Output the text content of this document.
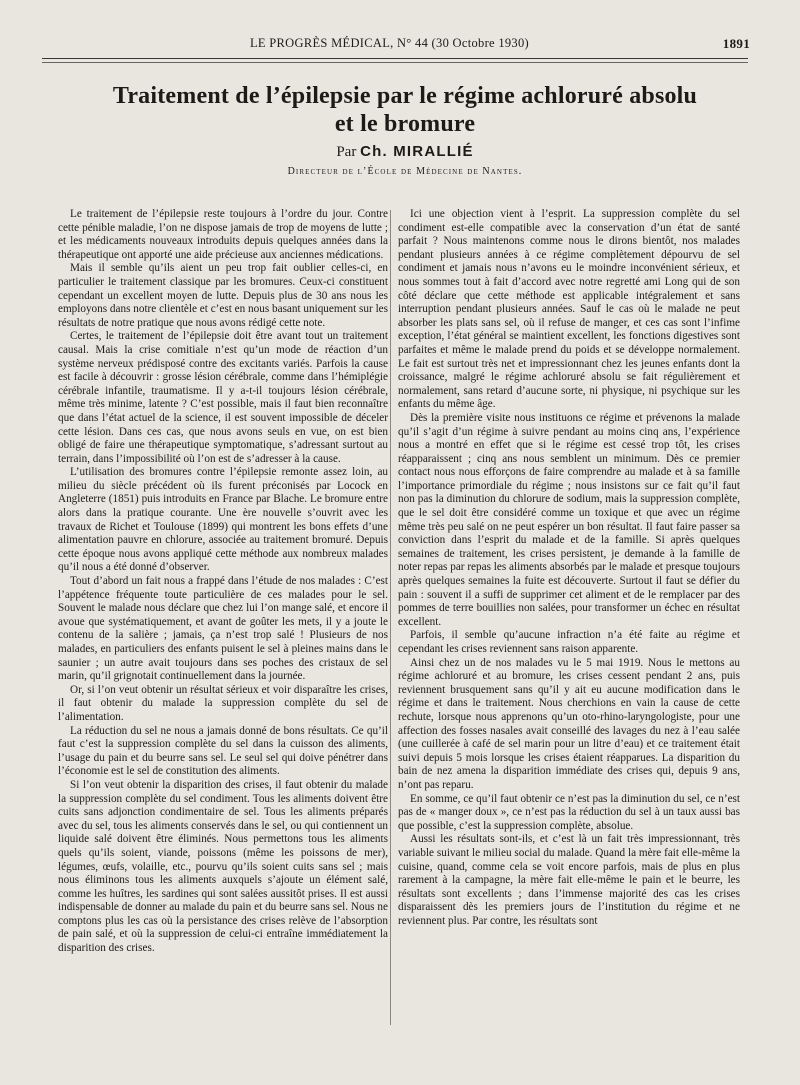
LE PROGRÈS MÉDICAL, N° 44 (30 Octobre 1930)	1891
Traitement de l’épilepsie par le régime achloruré absolu
et le bromure
Par Ch. MIRALLIÉ
Directeur de l’École de Médecine de Nantes.

Le traitement de l’épilepsie reste toujours à l’ordre du jour. Contre cette pénible maladie, l’on ne dispose jamais de trop de moyens de lutte ; et les médicaments nouveaux introduits depuis quelques années dans la thérapeutique ont apporté une aide précieuse aux anciennes médications.

Mais il semble qu’ils aient un peu trop fait oublier celles-ci, en particulier le traitement classique par les bromures. Ceux-ci constituent cependant un excellent moyen de lutte. Depuis plus de 30 ans nous les employons dans notre clientèle et c’est en nous basant uniquement sur les résultats de notre pratique que nous avons rédigé cette note.

Certes, le traitement de l’épilepsie doit être avant tout un traitement causal. Mais la crise comitiale n’est qu’un mode de réaction d’un système nerveux prédisposé contre des excitants variés. Parfois la cause est facile à découvrir : grosse lésion cérébrale, comme dans l’hémiplégie cérébrale infantile, traumatisme. Il y a-t-il toujours lésion cérébrale, même très minime, latente ? C’est possible, mais il faut bien reconnaître que dans l’état actuel de la science, il est souvent impossible de déceler cette lésion. Dans ces cas, que nous avons seuls en vue, on est bien obligé de faire une thérapeutique symptomatique, s’adressant surtout au terrain, dans l’impossibilité où l’on est de s’adresser à la cause.

L’utilisation des bromures contre l’épilepsie remonte assez loin, au milieu du siècle précédent où ils furent préconisés par Locock en Angleterre (1851) puis introduits en France par Blache. Le bromure entre alors dans la pratique courante. Une ère nouvelle s’ouvrit avec les travaux de Richet et Toulouse (1899) qui montrent les bons effets d’une alimentation pauvre en chlorure, associée au traitement bromuré. Depuis cette époque nous avons appliqué cette méthode aux nombreux malades qu’il nous a été donné d’observer.

Tout d’abord un fait nous a frappé dans l’étude de nos malades : C’est l’appétence fréquente toute particulière de ces malades pour le sel. Souvent le malade nous déclare que chez lui l’on mange salé, et encore il avoue que systématiquement, et avant de goûter les mets, il y a joute le contenu de la salière ; jamais, ça n’est trop salé ! Plusieurs de nos malades, en particuliers des enfants puisent le sel à pleines mains dans le saunier ; un autre avait toujours dans ses poches des cristaux de sel marin, qu’il grignotait continuellement dans la journée.

Or, si l’on veut obtenir un résultat sérieux et voir disparaître les crises, il faut obtenir du malade la suppression complète du sel de l’alimentation.

La réduction du sel ne nous a jamais donné de bons résultats. Ce qu’il faut c’est la suppression complète du sel dans la cuisson des aliments, l’usage du pain et du beurre sans sel. Le seul sel qui doive pénétrer dans l’économie est le sel de constitution des aliments.

Si l’on veut obtenir la disparition des crises, il faut obtenir du malade la suppression complète du sel condiment. Tous les aliments doivent être cuits sans adjonction condimentaire de sel. Tous les aliments préparés avec du sel, tous les aliments conservés dans le sel, ou qui contiennent un liquide salé doivent être éliminés. Nous permettons tous les aliments quels qu’ils soient, viande, poissons (même les poissons de mer), légumes, œufs, volaille, etc., pourvu qu’ils soient cuits sans sel ; mais nous éliminons tous les aliments auxquels s’ajoute un élément salé, comme les huîtres, les sardines qui sont salées aussitôt prises. Il est aussi indispensable de donner au malade du pain et du beurre sans sel. Nous ne comptons plus les cas où la persistance des crises relève de l’absorption de pain salé, et où la suppression de celui-ci entraîne immédiatement la disparition des crises.

Ici une objection vient à l’esprit. La suppression complète du sel condiment est-elle compatible avec la conservation d’un état de santé parfait ? Nous maintenons comme nous le dirons bientôt, nos malades pendant plusieurs années à ce régime complètement dépourvu de sel condiment et jamais nous n’avons eu le moindre inconvénient sérieux, et nous sommes tout à fait d’accord avec notre regretté ami Long qui de son côté déclare que cette méthode est applicable intégralement et sans interruption pendant plusieurs années. Sauf le cas où le malade ne peut absorber les plats sans sel, où il refuse de manger, et ces cas sont l’infime exception, l’état général se maintient excellent, les fonctions digestives sont parfaites et même le malade prend du poids et se développe normalement. Le fait est surtout très net et impressionnant chez les jeunes enfants dont la croissance, malgré le régime achloruré absolu se fait régulièrement et normalement, sans retard d’aucune sorte, ni physique, ni psychique sur les enfants du même âge.

Dès la première visite nous instituons ce régime et prévenons la malade qu’il s’agit d’un régime à suivre pendant au moins cinq ans, l’expérience nous a montré en effet que si le régime est cessé trop tôt, les crises réapparaissent ; cinq ans nous semblent un minimum. Dès ce premier contact nous nous efforçons de faire comprendre au malade et à sa famille l’importance primordiale du régime ; nous insistons sur ce fait qu’il faut non pas la diminution du chlorure de sodium, mais la suppression complète, que le sel doit être considéré comme un toxique et que avec un régime même très peu salé on ne peut espérer un bon résultat. Il faut faire passer sa conviction dans l’esprit du malade et de la famille. Si après quelques semaines de traitement, les crises persistent, je demande à la famille de noter repas par repas les aliments absorbés par le malade et presque toujours après quelques semaines la fuite est découverte. Surtout il faut se défier du pain : souvent il a suffi de supprimer cet aliment et de le remplacer par des pommes de terre bouillies non salées, pour transformer un échec en résultat excellent.

Parfois, il semble qu’aucune infraction n’a été faite au régime et cependant les crises reviennent sans raison apparente.

Ainsi chez un de nos malades vu le 5 mai 1919. Nous le mettons au régime achloruré et au bromure, les crises cessent pendant 2 ans, puis reviennent brusquement sans qu’il y ait eu aucune modification dans le régime et dans le traitement. Nous cherchions en vain la cause de cette rechute, lorsque nous apprenons qu’un oto-rhino-laryngologiste, pour une affection des fosses nasales avait conseillé des lavages du nez à l’eau salée (une cuillerée à café de sel marin pour un litre d’eau) et ce traitement était suivi depuis 5 mois lorsque les crises étaient réapparues. La disparition du bain de nez amena la disparition immédiate des crises qui, depuis 9 ans, n’ont pas reparu.

En somme, ce qu’il faut obtenir ce n’est pas la diminution du sel, ce n’est pas de « manger doux », ce n’est pas la réduction du sel à un taux aussi bas que possible, c’est la suppression complète, absolue.

Aussi les résultats sont-ils, et c’est là un fait très impressionnant, très variable suivant le milieu social du malade. Quand la mère fait elle-même la cuisine, quand, comme cela se voit encore parfois, mais de plus en plus rarement à la campagne, la mère fait elle-même le pain et le beurre, les résultats sont excellents ; dans l’immense majorité des cas les crises disparaissent dès les premiers jours de l’institution du régime et ne reviennent plus. Par contre, les résultats sont
